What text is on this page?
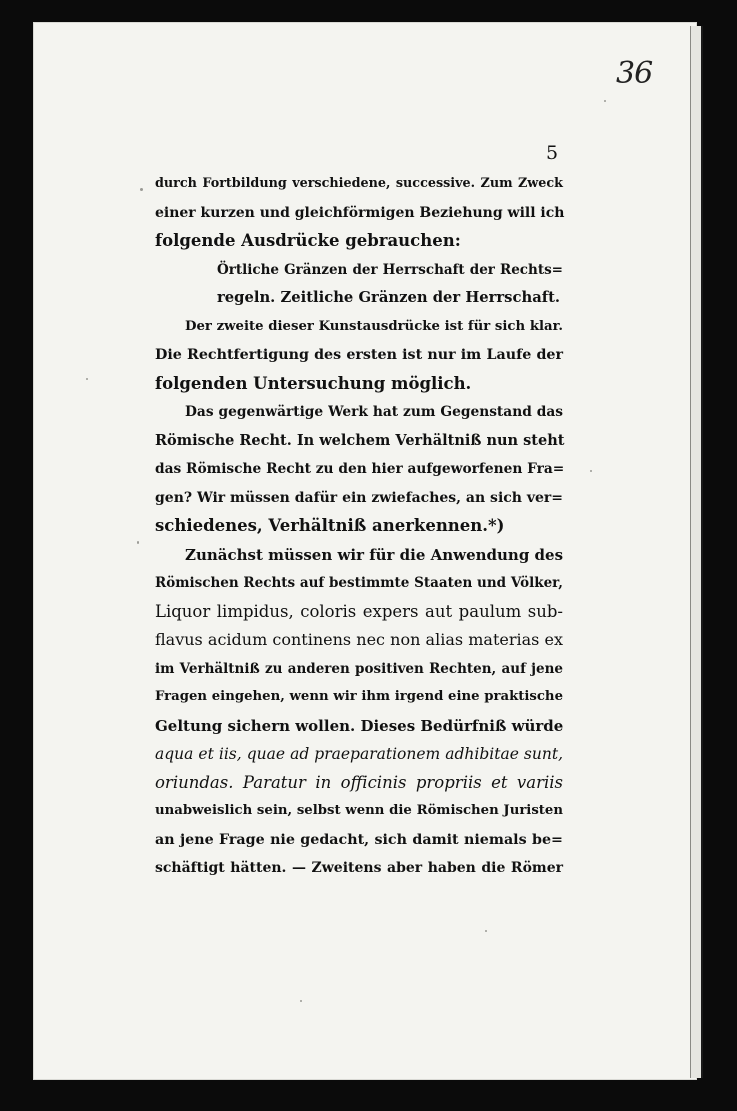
36
5
durch Fortbildung verschiedene, successive. Zum Zweck
einer kurzen und gleichförmigen Beziehung will ich
folgende Ausdrücke gebrauchen:
Örtliche Gränzen der Herrschaft der Rechts=
regeln. Zeitliche Gränzen der Herrschaft.
Der zweite dieser Kunstausdrücke ist für sich klar.
Die Rechtfertigung des ersten ist nur im Laufe der
folgenden Untersuchung möglich.
Das gegenwärtige Werk hat zum Gegenstand das
Römische Recht. In welchem Verhältniß nun steht
das Römische Recht zu den hier aufgeworfenen Fra=
gen? Wir müssen dafür ein zwiefaches, an sich ver=
schiedenes, Verhältniß anerkennen.*)
Zunächst müssen wir für die Anwendung des
Römischen Rechts auf bestimmte Staaten und Völker,
Liquor limpidus, coloris expers aut paulum sub-
flavus acidum continens nec non alias materias ex
im Verhältniß zu anderen positiven Rechten, auf jene
Fragen eingehen, wenn wir ihm irgend eine praktische
Geltung sichern wollen. Dieses Bedürfniß würde
aqua et iis, quae ad praeparationem adhibitae sunt,
oriundas. Paratur in officinis propriis et variis
unabweislich sein, selbst wenn die Römischen Juristen
an jene Frage nie gedacht, sich damit niemals be=
schäftigt hätten. — Zweitens aber haben die Römer
